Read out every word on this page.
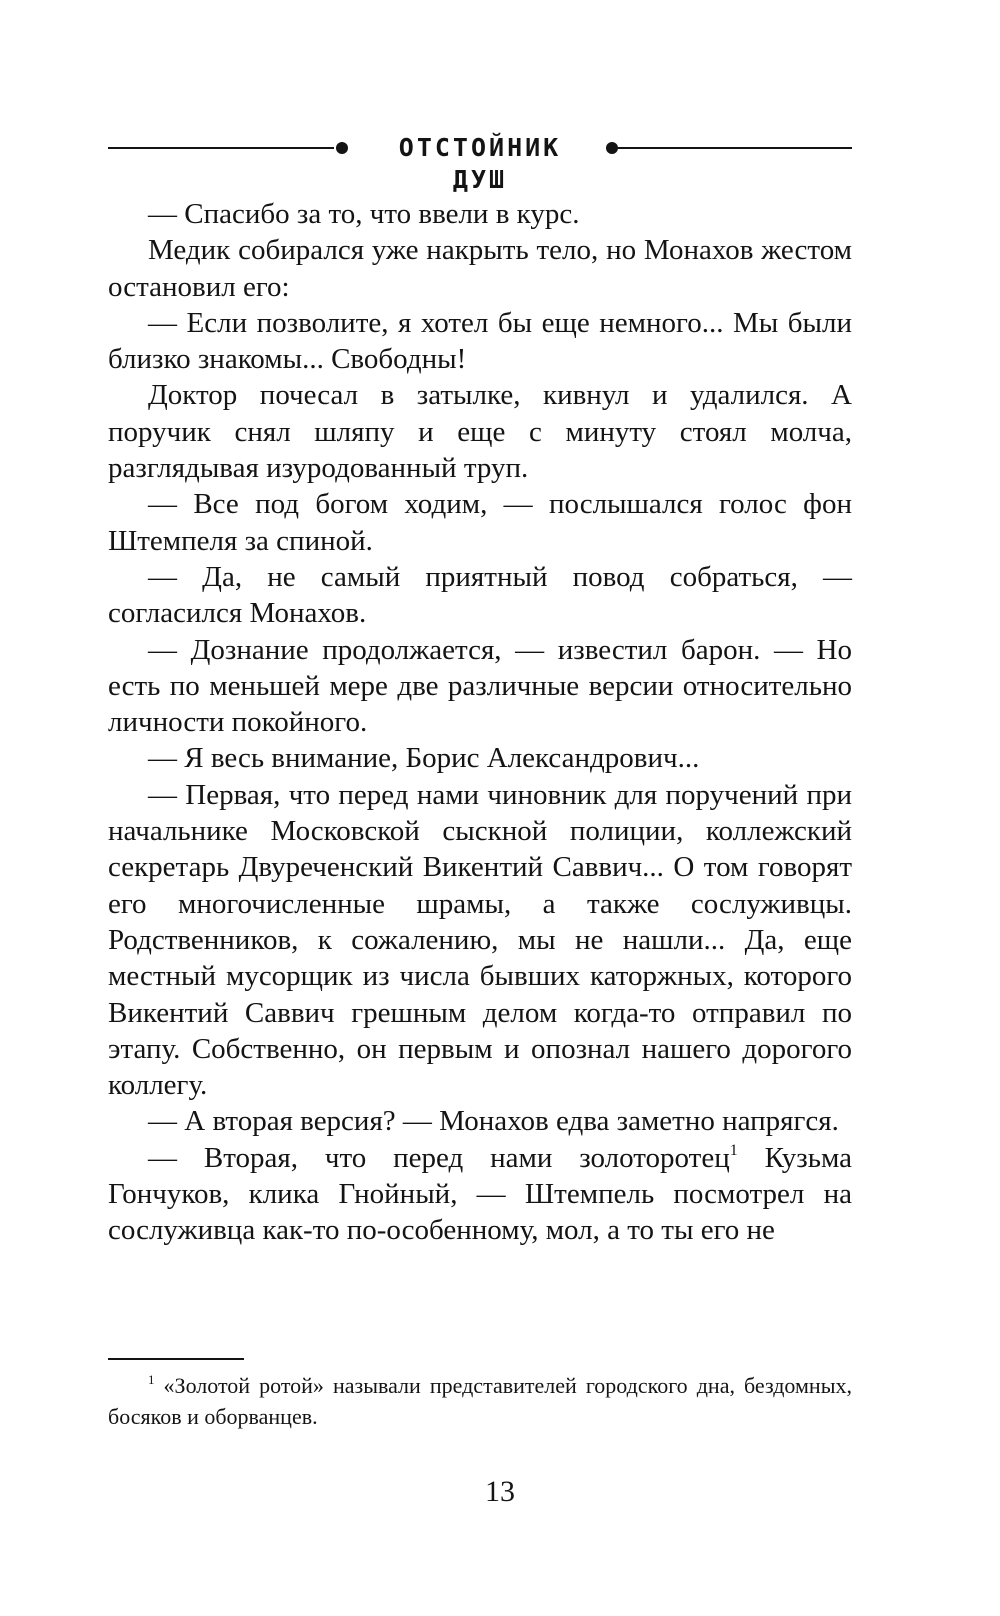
ОТСТОЙНИК ДУШ

— Спасибо за то, что ввели в курс.

Медик собирался уже накрыть тело, но Монахов жестом остановил его:

— Если позволите, я хотел бы еще немного... Мы были близко знакомы... Свободны!

Доктор почесал в затылке, кивнул и удалился. А поручик снял шляпу и еще с минуту стоял молча, разглядывая изуродованный труп.

— Все под богом ходим, — послышался голос фон Штемпеля за спиной.

— Да, не самый приятный повод собраться, — согласился Монахов.

— Дознание продолжается, — известил барон. — Но есть по меньшей мере две различные версии относительно личности покойного.

— Я весь внимание, Борис Александрович...

— Первая, что перед нами чиновник для поручений при начальнике Московской сыскной полиции, коллежский секретарь Двуреченский Викентий Саввич... О том говорят его многочисленные шрамы, а также сослуживцы. Родственников, к сожалению, мы не нашли... Да, еще местный мусорщик из числа бывших каторжных, которого Викентий Саввич грешным делом когда-то отправил по этапу. Собственно, он первым и опознал нашего дорогого коллегу.

— А вторая версия? — Монахов едва заметно напрягся.

— Вторая, что перед нами золоторотец$^1$ Кузьма Гончуков, клика Гнойный, — Штемпель посмотрел на сослуживца как-то по-особенному, мол, а то ты его не

$^1$ «Золотой ротой» называли представителей городского дна, бездомных, босяков и оборванцев.

13
